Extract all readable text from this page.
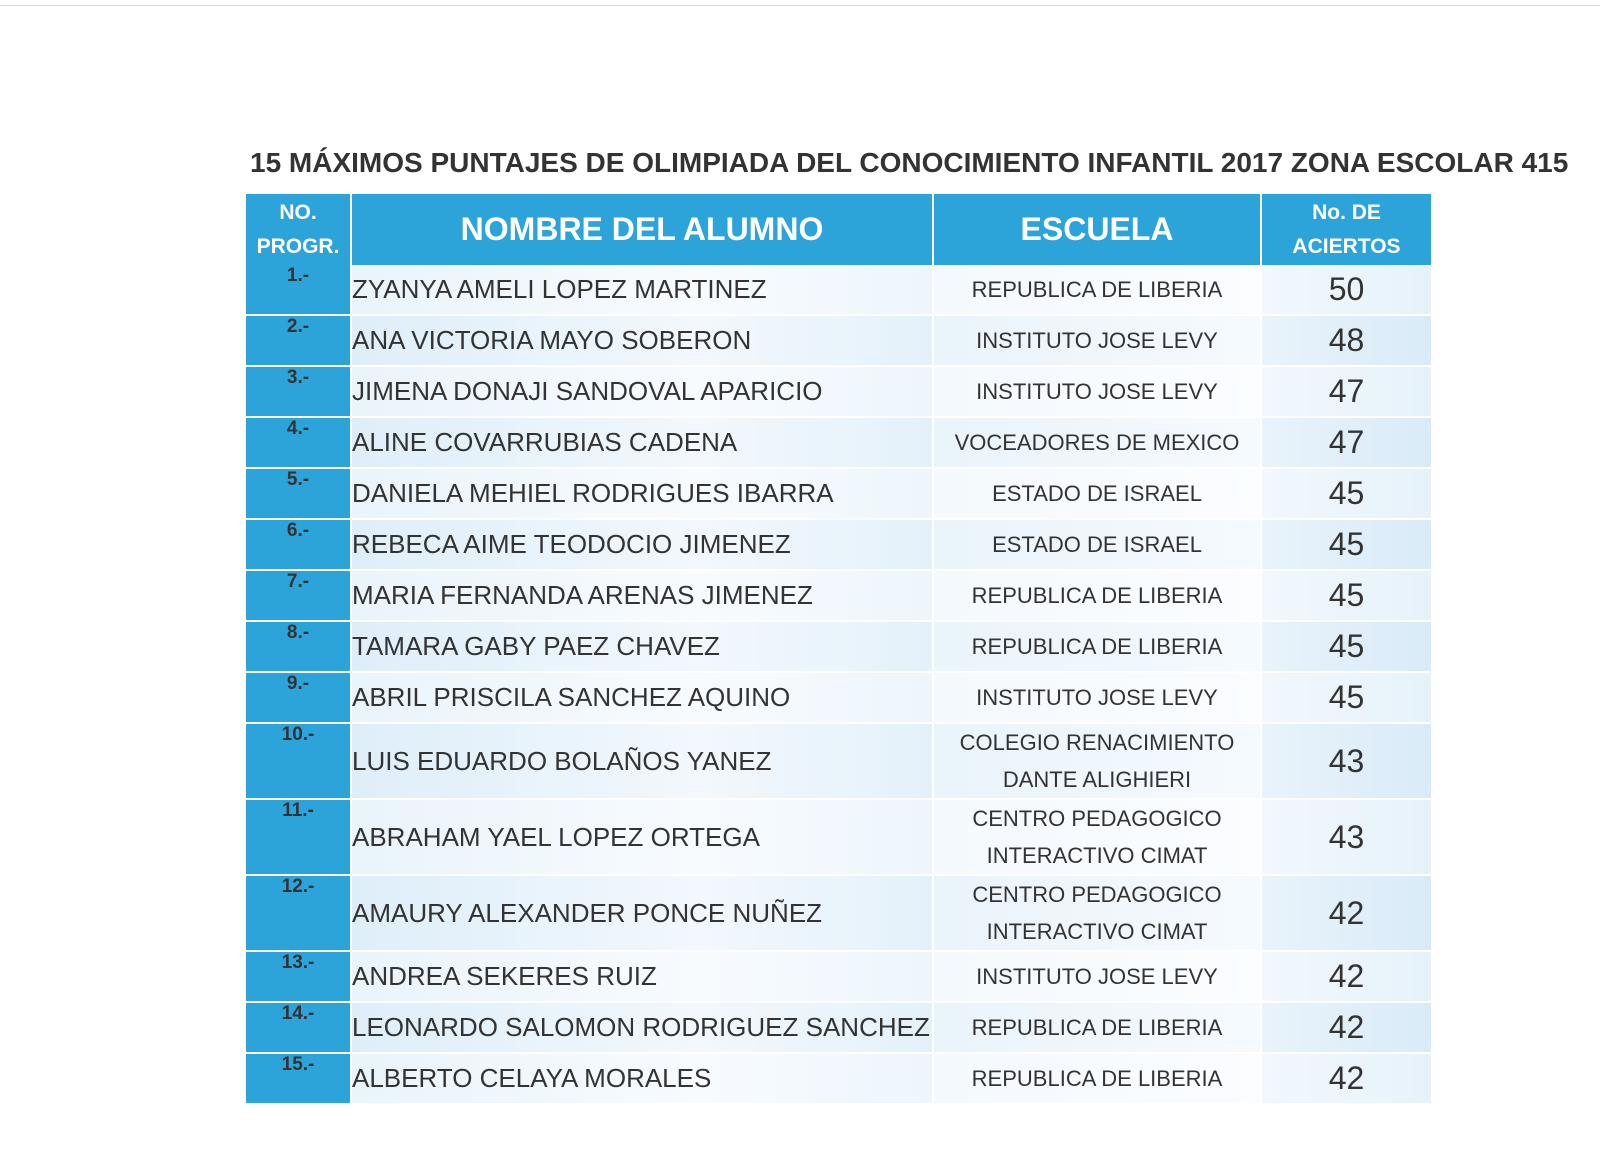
15 MÁXIMOS PUNTAJES DE OLIMPIADA DEL CONOCIMIENTO INFANTIL 2017 ZONA ESCOLAR 415
NO.
PROGR.	NOMBRE DEL ALUMNO	ESCUELA	No. DE
ACIERTOS
1.-	ZYANYA AMELI LOPEZ MARTINEZ	REPUBLICA DE LIBERIA	50
2.-	ANA VICTORIA MAYO SOBERON	INSTITUTO JOSE LEVY	48
3.-	JIMENA DONAJI SANDOVAL APARICIO	INSTITUTO JOSE LEVY	47
4.-	ALINE COVARRUBIAS CADENA	VOCEADORES DE MEXICO	47
5.-	DANIELA MEHIEL RODRIGUES IBARRA	ESTADO DE ISRAEL	45
6.-	REBECA AIME TEODOCIO JIMENEZ	ESTADO DE ISRAEL	45
7.-	MARIA FERNANDA ARENAS JIMENEZ	REPUBLICA DE LIBERIA	45
8.-	TAMARA GABY PAEZ CHAVEZ	REPUBLICA DE LIBERIA	45
9.-	ABRIL PRISCILA SANCHEZ AQUINO	INSTITUTO JOSE LEVY	45
10.-	LUIS EDUARDO BOLAÑOS YANEZ	COLEGIO RENACIMIENTO
DANTE ALIGHIERI	43
11.-	ABRAHAM YAEL LOPEZ ORTEGA	CENTRO PEDAGOGICO
INTERACTIVO CIMAT	43
12.-	AMAURY ALEXANDER PONCE NUÑEZ	CENTRO PEDAGOGICO
INTERACTIVO CIMAT	42
13.-	ANDREA SEKERES RUIZ	INSTITUTO JOSE LEVY	42
14.-	LEONARDO SALOMON RODRIGUEZ SANCHEZ	REPUBLICA DE LIBERIA	42
15.-	ALBERTO CELAYA MORALES	REPUBLICA DE LIBERIA	42
